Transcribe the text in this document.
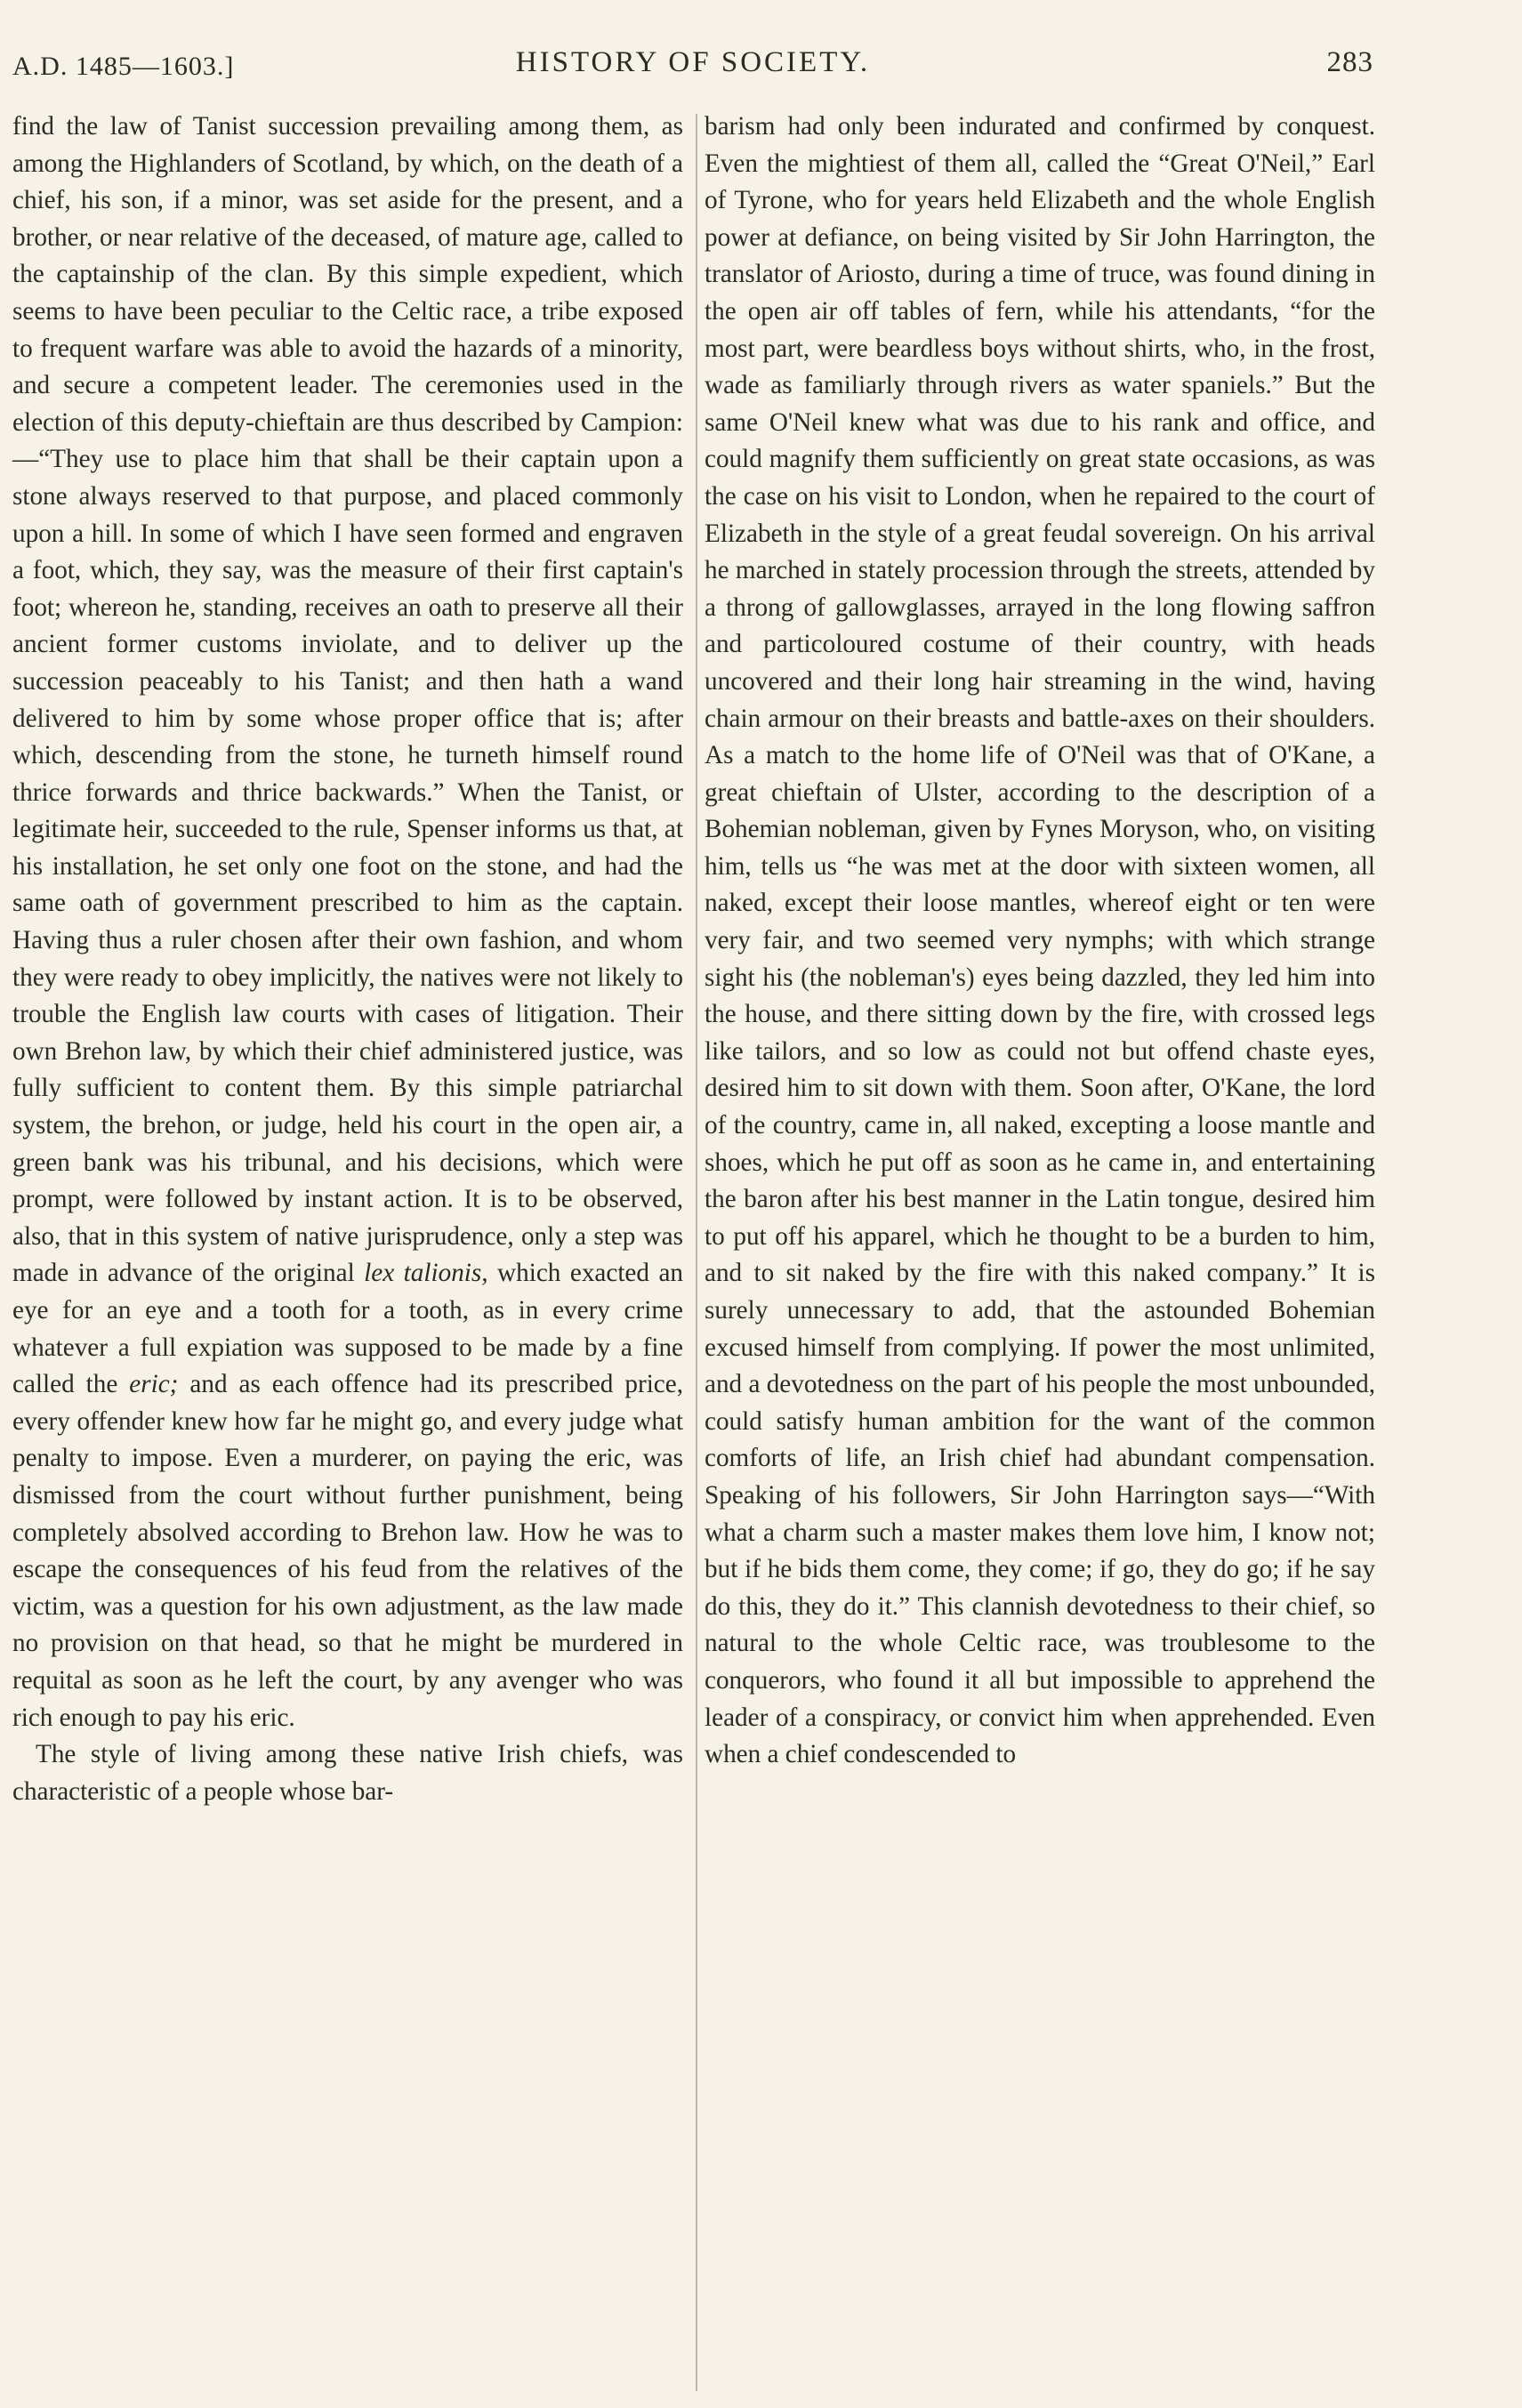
A.D. 1485—1603.]	HISTORY OF SOCIETY.	283

find the law of Tanist succession prevailing among them, as among the Highlanders of Scotland, by which, on the death of a chief, his son, if a minor, was set aside for the present, and a brother, or near relative of the deceased, of mature age, called to the captainship of the clan. By this simple expedient, which seems to have been peculiar to the Celtic race, a tribe exposed to frequent warfare was able to avoid the hazards of a minority, and secure a competent leader. The ceremonies used in the election of this deputy-chieftain are thus described by Campion:—“They use to place him that shall be their captain upon a stone always reserved to that purpose, and placed commonly upon a hill. In some of which I have seen formed and engraven a foot, which, they say, was the measure of their first captain's foot; whereon he, standing, receives an oath to preserve all their ancient former customs inviolate, and to deliver up the succession peaceably to his Tanist; and then hath a wand delivered to him by some whose proper office that is; after which, descending from the stone, he turneth himself round thrice forwards and thrice backwards.” When the Tanist, or legitimate heir, succeeded to the rule, Spenser informs us that, at his installation, he set only one foot on the stone, and had the same oath of government prescribed to him as the captain. Having thus a ruler chosen after their own fashion, and whom they were ready to obey implicitly, the natives were not likely to trouble the English law courts with cases of litigation. Their own Brehon law, by which their chief administered justice, was fully sufficient to content them. By this simple patriarchal system, the brehon, or judge, held his court in the open air, a green bank was his tribunal, and his decisions, which were prompt, were followed by instant action. It is to be observed, also, that in this system of native jurisprudence, only a step was made in advance of the original lex talionis, which exacted an eye for an eye and a tooth for a tooth, as in every crime whatever a full expiation was supposed to be made by a fine called the eric; and as each offence had its prescribed price, every offender knew how far he might go, and every judge what penalty to impose. Even a murderer, on paying the eric, was dismissed from the court without further punishment, being completely absolved according to Brehon law. How he was to escape the consequences of his feud from the relatives of the victim, was a question for his own adjustment, as the law made no provision on that head, so that he might be murdered in requital as soon as he left the court, by any avenger who was rich enough to pay his eric.

The style of living among these native Irish chiefs, was characteristic of a people whose bar-

barism had only been indurated and confirmed by conquest. Even the mightiest of them all, called the “Great O'Neil,” Earl of Tyrone, who for years held Elizabeth and the whole English power at defiance, on being visited by Sir John Harrington, the translator of Ariosto, during a time of truce, was found dining in the open air off tables of fern, while his attendants, “for the most part, were beardless boys without shirts, who, in the frost, wade as familiarly through rivers as water spaniels.” But the same O'Neil knew what was due to his rank and office, and could magnify them sufficiently on great state occasions, as was the case on his visit to London, when he repaired to the court of Elizabeth in the style of a great feudal sovereign. On his arrival he marched in stately procession through the streets, attended by a throng of gallowglasses, arrayed in the long flowing saffron and particoloured costume of their country, with heads uncovered and their long hair streaming in the wind, having chain armour on their breasts and battle-axes on their shoulders. As a match to the home life of O'Neil was that of O'Kane, a great chieftain of Ulster, according to the description of a Bohemian nobleman, given by Fynes Moryson, who, on visiting him, tells us “he was met at the door with sixteen women, all naked, except their loose mantles, whereof eight or ten were very fair, and two seemed very nymphs; with which strange sight his (the nobleman's) eyes being dazzled, they led him into the house, and there sitting down by the fire, with crossed legs like tailors, and so low as could not but offend chaste eyes, desired him to sit down with them. Soon after, O'Kane, the lord of the country, came in, all naked, excepting a loose mantle and shoes, which he put off as soon as he came in, and entertaining the baron after his best manner in the Latin tongue, desired him to put off his apparel, which he thought to be a burden to him, and to sit naked by the fire with this naked company.” It is surely unnecessary to add, that the astounded Bohemian excused himself from complying. If power the most unlimited, and a devotedness on the part of his people the most unbounded, could satisfy human ambition for the want of the common comforts of life, an Irish chief had abundant compensation. Speaking of his followers, Sir John Harrington says—“With what a charm such a master makes them love him, I know not; but if he bids them come, they come; if go, they do go; if he say do this, they do it.” This clannish devotedness to their chief, so natural to the whole Celtic race, was troublesome to the conquerors, who found it all but impossible to apprehend the leader of a conspiracy, or convict him when apprehended. Even when a chief condescended to
